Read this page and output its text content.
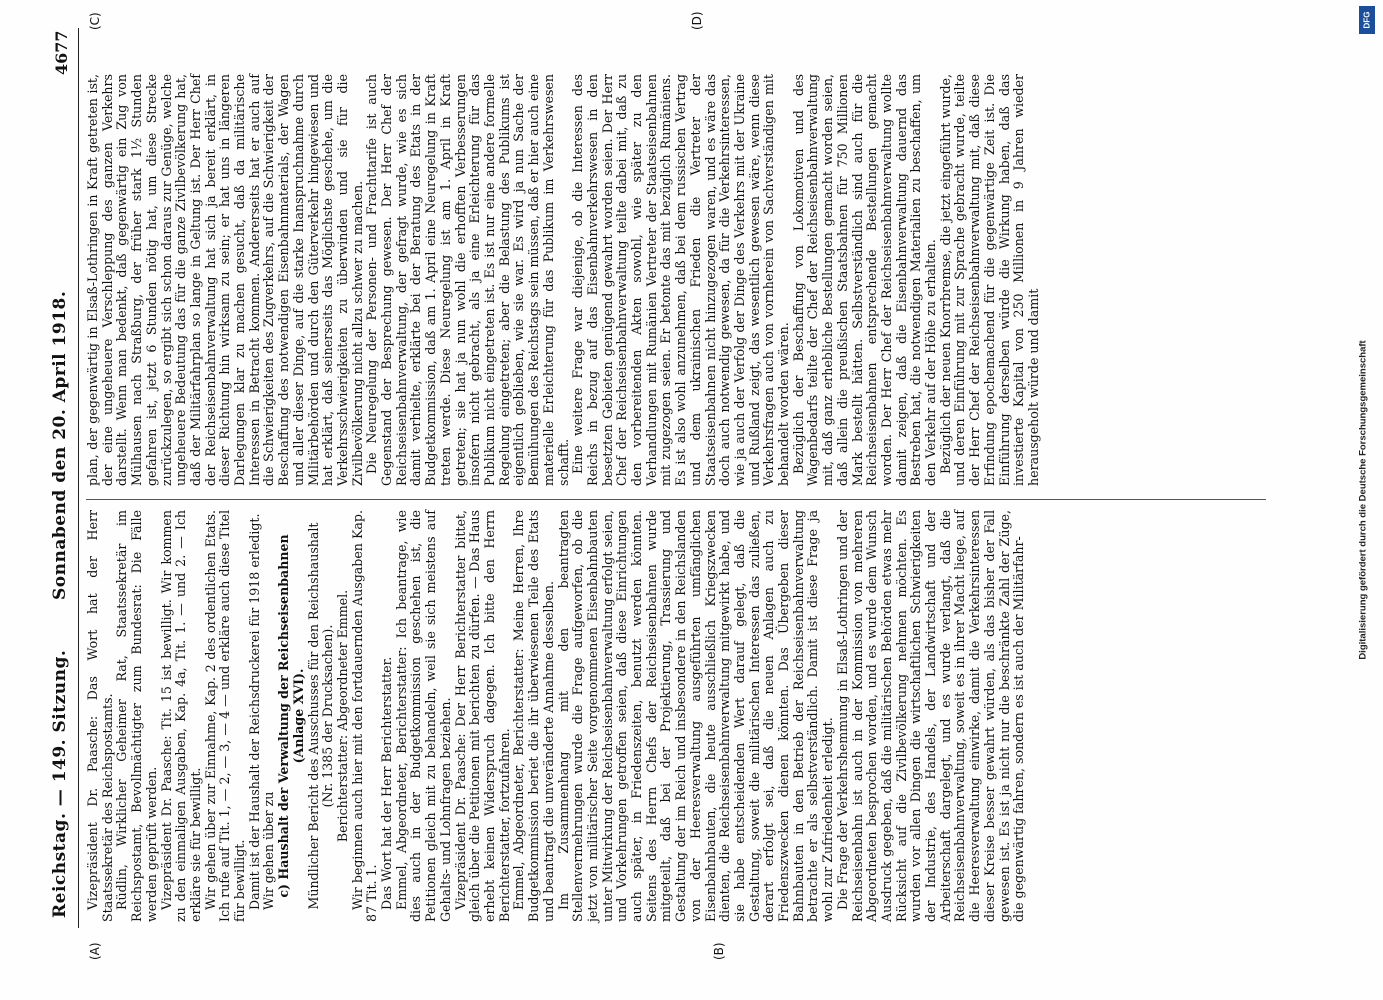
Reichstag. — 149. Sitzung.
Sonnabend den 20. April 1918.
4677
(A)	(B)
(C)	(D)

Vizepräsident Dr. Paasche: Das Wort hat der Herr Staatssekretär des Reichspostamts. Rüdlin, Wirklicher Geheimer Rat, Staatssekretär im Reichspostamt, Bevollmächtigter zum Bundesrat: Die Fälle werden geprüft werden. Vizepräsident Dr. Paasche: Tit. 15 ist bewilligt. Wir kommen zu den einmaligen Ausgaben, Kap. 4a, Tit. 1. — und 2. — Ich erkläre sie für bewilligt. Wir gehen über zur Einnahme, Kap. 2 des ordentlichen Etats. Ich rufe auf Tit. 1, — 2, — 3, — 4 — und erkläre auch diese Titel für bewilligt. Damit ist der Haushalt der Reichsdruckerei für 1918 erledigt. Wir gehen über zu c) Haushalt der Verwaltung der Reichseisenbahnen (Anlage XVI). Mündlicher Bericht des Ausschusses für den Reichshaushalt (Nr. 1385 der Drucksachen). Berichterstatter: Abgeordneter Emmel. Wir beginnen auch hier mit den fortdauernden Ausgaben Kap. 87 Tit. 1. Das Wort hat der Herr Berichterstatter. Emmel, Abgeordneter, Berichterstatter: Ich beantrage, wie dies auch in der Budgetkommission geschehen ist, die Petitionen gleich mit zu behandeln, weil sie sich meistens auf Gehalts- und Lohnfragen beziehen. Vizepräsident Dr. Paasche: Der Herr Berichterstatter bittet, gleich über die Petitionen mit berichten zu dürfen. — Das Haus erhebt keinen Widerspruch dagegen. Ich bitte den Herrn Berichterstatter, fortzufahren. Emmel, Abgeordneter, Berichterstatter: Meine Herren, Ihre Budgetkommission beriet die ihr überwiesenen Teile des Etats und beantragt die unveränderte Annahme desselben. Im Zusammenhang mit den beantragten Stellenvermehrungen wurde die Frage aufgeworfen, ob die jetzt von militärischer Seite vorgenommenen Eisenbahnbauten unter Mitwirkung der Reichseisenbahnverwaltung erfolgt seien, und Vorkehrungen getroffen seien, daß diese Einrichtungen auch später, in Friedenszeiten, benutzt werden könnten. Seitens des Herrn Chefs der Reichseisenbahnen wurde mitgeteilt, daß bei der Projektierung, Trassierung und Gestaltung der im Reich und insbesondere in den Reichslanden von der Heeresverwaltung ausgeführten umfänglichen Eisenbahnbauten, die heute ausschließlich Kriegszwecken dienten, die Reichseisenbahnverwaltung mitgewirkt habe, und sie habe entscheidenden Wert darauf gelegt, daß die Gestaltung, soweit die militärischen Interessen das zuließen, derart erfolgt sei, daß die neuen Anlagen auch zu Friedenszwecken dienen könnten. Das Übergeben dieser Bahnbauten in den Betrieb der Reichseisenbahnverwaltung betrachte er als selbstverständlich. Damit ist diese Frage ja wohl zur Zufriedenheit erledigt. Die Frage der Verkehrshemmung in Elsaß-Lothringen und der Reichseisenbahn ist auch in der Kommission von mehreren Abgeordneten besprochen worden, und es wurde dem Wunsch Ausdruck gegeben, daß die militärischen Behörden etwas mehr Rücksicht auf die Zivilbevölkerung nehmen möchten. Es wurden vor allen Dingen die wirtschaftlichen Schwierigkeiten der Industrie, des Handels, der Landwirtschaft und der Arbeiterschaft dargelegt, und es wurde verlangt, daß die Reichseisenbahnverwaltung, soweit es in ihrer Macht liege, auf die Heeresverwaltung einwirke, damit die Verkehrsinteressen dieser Kreise besser gewahrt würden, als das bisher der Fall gewesen ist. Es ist ja nicht nur die beschränkte Zahl der Züge, die gegenwärtig fahren, sondern es ist auch der Militärfahr-

plan, der gegenwärtig in Elsaß-Lothringen in Kraft getreten ist, der eine ungeheuere Verschleppung des ganzen Verkehrs darstellt. Wenn man bedenkt, daß gegenwärtig ein Zug von Mülhausen nach Straßburg, der früher stark 1½ Stunden gefahren ist, jetzt 6 Stunden nötig hat, um diese Strecke zurückzulegen, so ergibt sich schon daraus zur Genüge, welche ungeheuere Bedeutung das für die ganze Zivilbevölkerung hat, daß der Militärfahrplan so lange in Geltung ist. Der Herr Chef der Reichseisenbahnverwaltung hat sich ja bereit erklärt, in dieser Richtung hin wirksam zu sein; er hat uns in längeren Darlegungen klar zu machen gesucht, daß da militärische Interessen in Betracht kommen. Andererseits hat er auch auf die Schwierigkeiten des Zugverkehrs, auf die Schwierigkeit der Beschaffung des notwendigen Eisenbahnmaterials, der Wagen und aller dieser Dinge, auf die starke Inanspruchnahme durch Militärbehörden und durch den Güterverkehr hingewiesen und hat erklärt, daß seinerseits das Möglichste geschehe, um die Verkehrsschwierigkeiten zu überwinden und sie für die Zivilbevölkerung nicht allzu schwer zu machen. Die Neuregelung der Personen- und Frachttarife ist auch Gegenstand der Besprechung gewesen. Der Herr Chef der Reichseisenbahnverwaltung, der gefragt wurde, wie es sich damit verhielte, erklärte bei der Beratung des Etats in der Budgetkommission, daß am 1. April eine Neuregelung in Kraft treten werde. Diese Neuregelung ist am 1. April in Kraft getreten; sie hat ja nun wohl die erhofften Verbesserungen insofern nicht gebracht, als ja eine Erleichterung für das Publikum nicht eingetreten ist. Es ist nur eine andere formelle Regelung eingetreten; aber die Belastung des Publikums ist eigentlich geblieben, wie sie war. Es wird ja nun Sache der Bemühungen des Reichstags sein müssen, daß er hier auch eine materielle Erleichterung für das Publikum im Verkehrswesen schafft. Eine weitere Frage war diejenige, ob die Interessen des Reichs in bezug auf das Eisenbahnverkehrswesen in den besetzten Gebieten genügend gewahrt worden seien. Der Herr Chef der Reichseisenbahnverwaltung teilte dabei mit, daß zu den vorbereitenden Akten sowohl, wie später zu den Verhandlungen mit Rumänien Vertreter der Staatseisenbahnen mit zugezogen seien. Er betonte das mit bezüglich Rumäniens. Es ist also wohl anzunehmen, daß bei dem russischen Vertrag und dem ukrainischen Frieden die Vertreter der Staatseisenbahnen nicht hinzugezogen waren, und es wäre das doch auch notwendig gewesen, da für die Verkehrsinteressen, wie ja auch der Verfolg der Dinge des Verkehrs mit der Ukraine und Rußland zeigt, das wesentlich gewesen wäre, wenn diese Verkehrsfragen auch von vornherein von Sachverständigen mit behandelt worden wären. Bezüglich der Beschaffung von Lokomotiven und des Wagenbedarfs teilte der Chef der Reichseisenbahnverwaltung mit, daß ganz erhebliche Bestellungen gemacht worden seien, daß allein die preußischen Staatsbahnen für 750 Millionen Mark bestellt hätten. Selbstverständlich sind auch für die Reichseisenbahnen entsprechende Bestellungen gemacht worden. Der Herr Chef der Reichseisenbahnverwaltung wollte damit zeigen, daß die Eisenbahnverwaltung dauernd das Bestreben hat, die notwendigen Materialien zu beschaffen, um den Verkehr auf der Höhe zu erhalten. Bezüglich der neuen Knorrbremse, die jetzt eingeführt wurde, und deren Einführung mit zur Sprache gebracht wurde, teilte der Herr Chef der Reichseisenbahnverwaltung mit, daß diese Erfindung epochemachend für die gegenwärtige Zeit ist. Die Einführung derselben würde die Wirkung haben, daß das investierte Kapital von 250 Millionen in 9 Jahren wieder herausgeholt würde und damit	Digitalisierung gefördert durch die Deutsche Forschungsgemeinschaft
DFG
